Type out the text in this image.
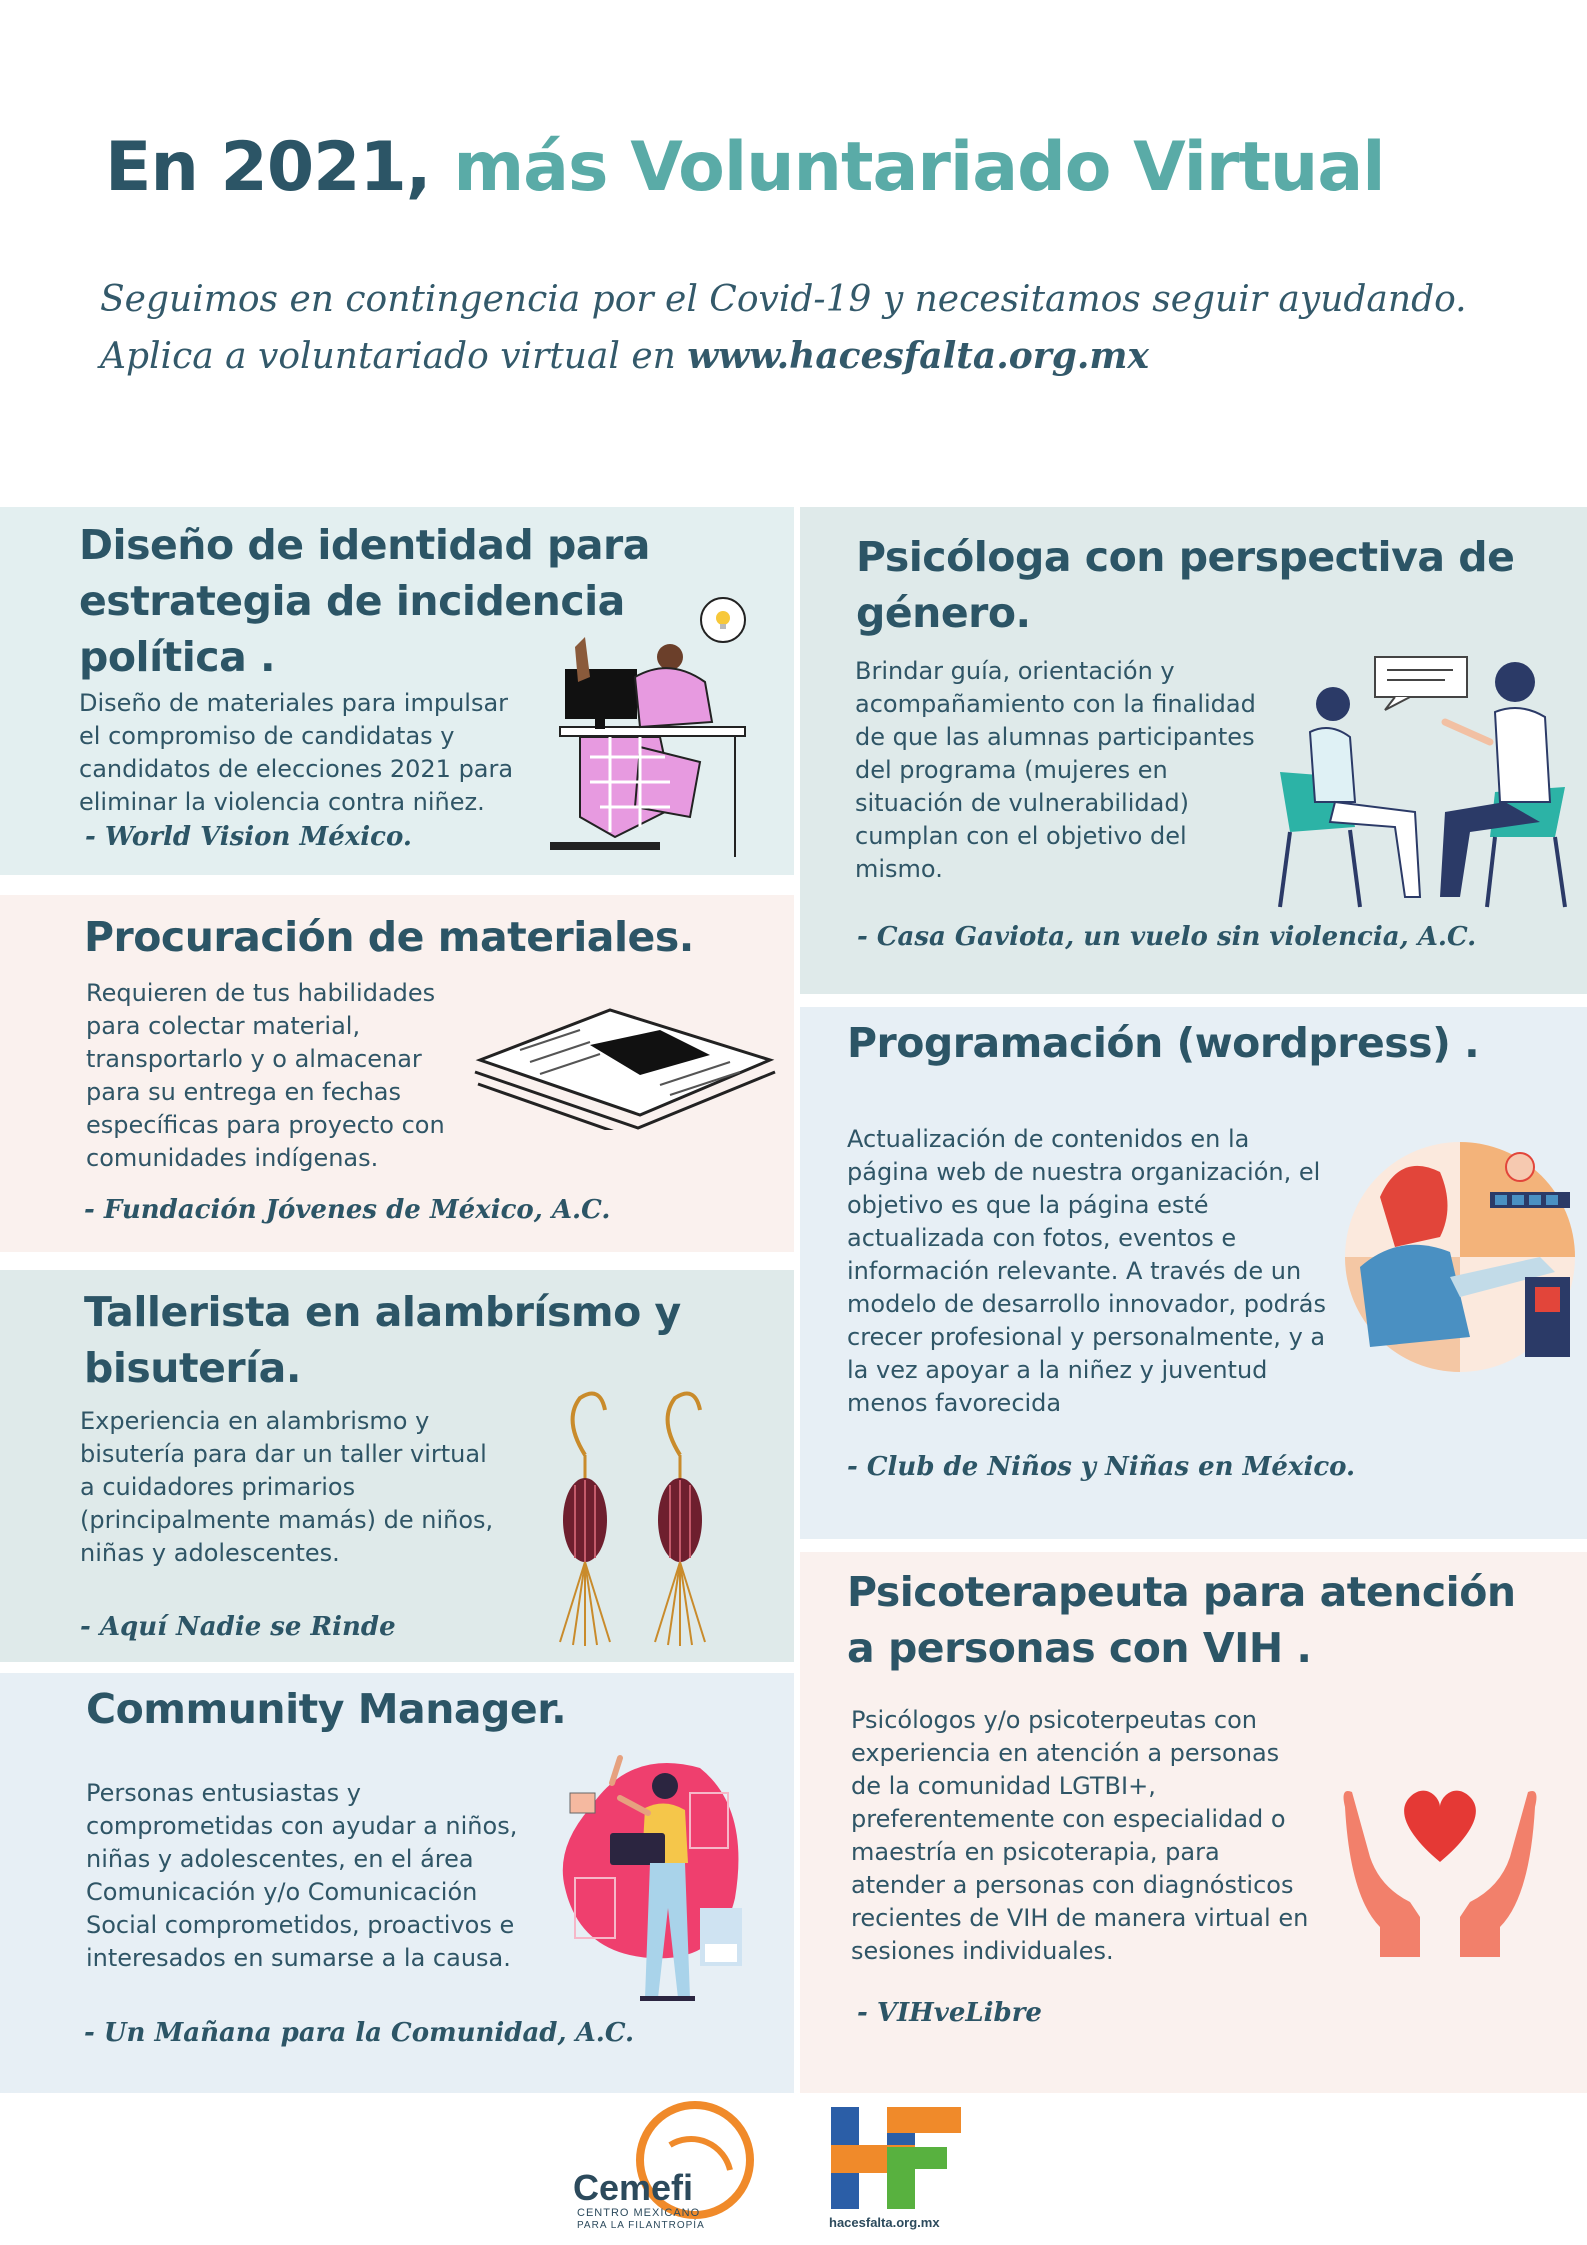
En 2021, más Voluntariado Virtual
Seguimos en contingencia por el Covid-19 y necesitamos seguir ayudando.
Aplica a voluntariado virtual en www.hacesfalta.org.mx
Diseño de identidad para
estrategia de incidencia
política .

Diseño de materiales para impulsar
el compromiso de candidatas y
candidatos de elecciones 2021 para
eliminar la violencia contra niñez.

- World Vision México.
Procuración de materiales.

Requieren de tus habilidades
para colectar material,
transportarlo y o almacenar
para su entrega en fechas
específicas para proyecto con
comunidades indígenas.

- Fundación Jóvenes de México, A.C.
Tallerista en alambrísmo y
bisutería.

Experiencia en alambrismo y
bisutería para dar un taller virtual
a cuidadores primarios
(principalmente mamás) de niños,
niñas y adolescentes.

- Aquí Nadie se Rinde
Community Manager.

Personas entusiastas y
comprometidas con ayudar a niños,
niñas y adolescentes, en el área
Comunicación y/o Comunicación
Social comprometidos, proactivos e
interesados en sumarse a la causa.

- Un Mañana para la Comunidad, A.C.
Psicóloga con perspectiva de
género.

Brindar guía, orientación y
acompañamiento con la finalidad
de que las alumnas participantes
del programa (mujeres en
situación de vulnerabilidad)
cumplan con el objetivo del
mismo.

- Casa Gaviota, un vuelo sin violencia, A.C.
Programación (wordpress) .

Actualización de contenidos en la
página web de nuestra organización, el
objetivo es que la página esté
actualizada con fotos, eventos e
información relevante. A través de un
modelo de desarrollo innovador, podrás
crecer profesional y personalmente, y a
la vez apoyar a la niñez y juventud
menos favorecida

- Club de Niños y Niñas en México.
Psicoterapeuta para atención
a personas con VIH .

Psicólogos y/o psicoterpeutas con
experiencia en atención a personas
de la comunidad LGTBI+,
preferentemente con especialidad o
maestría en psicoterapia, para
atender a personas con diagnósticos
recientes de VIH de manera virtual en
sesiones individuales.

- VIHveLibre
Cemefi
CENTRO MEXICANO
PARA LA FILANTROPÍA	hacesfalta.org.mx
